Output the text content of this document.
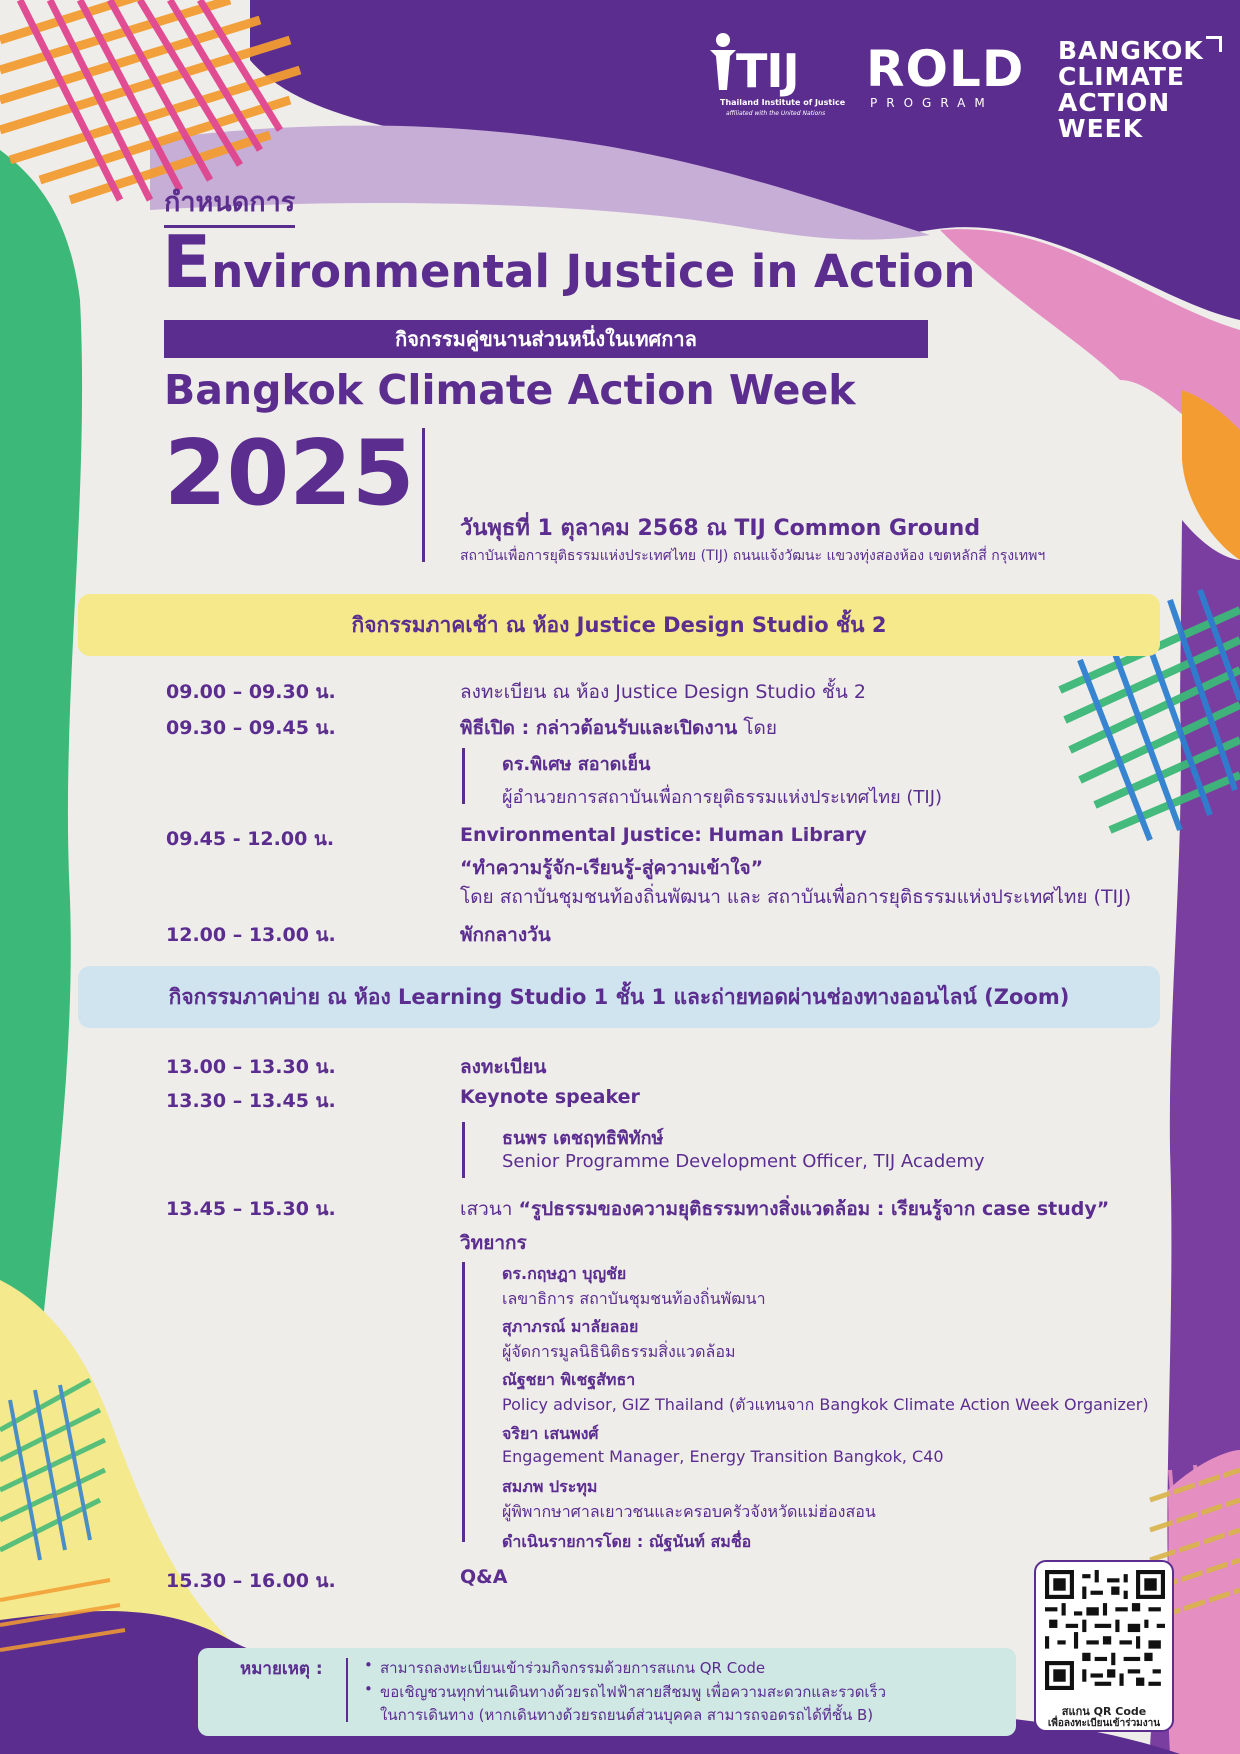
TIJ
Thailand Institute of Justice
affiliated with the United Nations
ROLD
PROGRAM
BANGKOK
CLIMATE
ACTION
WEEK
กำหนดการ
Environmental Justice in Action
กิจกรรมคู่ขนานส่วนหนึ่งในเทศกาล
Bangkok Climate Action Week
2025
วันพุธที่ 1 ตุลาคม 2568 ณ TIJ Common Ground
สถาบันเพื่อการยุติธรรมแห่งประเทศไทย (TIJ) ถนนแจ้งวัฒนะ แขวงทุ่งสองห้อง เขตหลักสี่ กรุงเทพฯ
กิจกรรมภาคเช้า ณ ห้อง Justice Design Studio ชั้น 2
09.00 – 09.30 น.	ลงทะเบียน ณ ห้อง Justice Design Studio ชั้น 2
09.30 – 09.45 น.	พิธีเปิด : กล่าวต้อนรับและเปิดงาน โดย
ดร.พิเศษ สอาดเย็น
ผู้อำนวยการสถาบันเพื่อการยุติธรรมแห่งประเทศไทย (TIJ)
09.45 - 12.00 น.	Environmental Justice: Human Library
“ทำความรู้จัก-เรียนรู้-สู่ความเข้าใจ”
โดย สถาบันชุมชนท้องถิ่นพัฒนา และ สถาบันเพื่อการยุติธรรมแห่งประเทศไทย (TIJ)
12.00 – 13.00 น.	พักกลางวัน
กิจกรรมภาคบ่าย ณ ห้อง Learning Studio 1 ชั้น 1 และถ่ายทอดผ่านช่องทางออนไลน์ (Zoom)
13.00 – 13.30 น.	ลงทะเบียน
13.30 – 13.45 น.	Keynote speaker
ธนพร เตชฤทธิพิทักษ์
Senior Programme Development Officer, TIJ Academy
13.45 – 15.30 น.	เสวนา “รูปธรรมของความยุติธรรมทางสิ่งแวดล้อม : เรียนรู้จาก case study”
วิทยากร
ดร.กฤษฎา บุญชัย
เลขาธิการ สถาบันชุมชนท้องถิ่นพัฒนา
สุภาภรณ์ มาลัยลอย
ผู้จัดการมูลนิธินิติธรรมสิ่งแวดล้อม
ณัฐชยา พิเชฐสัทธา
Policy advisor, GIZ Thailand (ตัวแทนจาก Bangkok Climate Action Week Organizer)
จริยา เสนพงศ์
Engagement Manager, Energy Transition Bangkok, C40
สมภพ ประทุม
ผู้พิพากษาศาลเยาวชนและครอบครัวจังหวัดแม่ฮ่องสอน
ดำเนินรายการโดย : ณัฐนันท์ สมชื่อ
15.30 – 16.00 น.	Q&A
หมายเหตุ :	• สามารถลงทะเบียนเข้าร่วมกิจกรรมด้วยการสแกน QR Code
• ขอเชิญชวนทุกท่านเดินทางด้วยรถไฟฟ้าสายสีชมพู เพื่อความสะดวกและรวดเร็ว
ในการเดินทาง (หากเดินทางด้วยรถยนต์ส่วนบุคคล สามารถจอดรถได้ที่ชั้น B)	สแกน QR Code
เพื่อลงทะเบียนเข้าร่วมงาน
